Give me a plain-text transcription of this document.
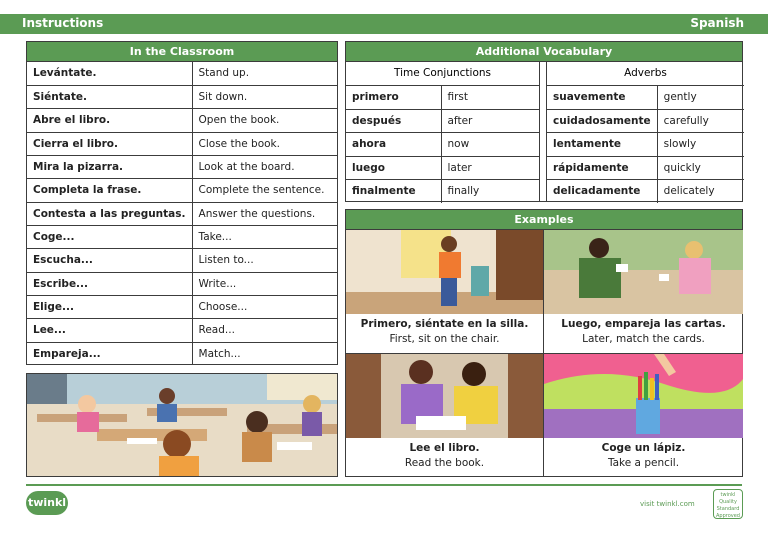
Instructions	Spanish
In the Classroom
Levántate.	Stand up.
Siéntate.	Sit down.
Abre el libro.	Open the book.
Cierra el libro.	Close the book.
Mira la pizarra.	Look at the board.
Completa la frase.	Complete the sentence.
Contesta a las preguntas.	Answer the questions.
Coge...	Take...
Escucha...	Listen to...
Escribe...	Write...
Elige...	Choose...
Lee...	Read...
Empareja...	Match...
Additional Vocabulary
Time Conjunctions
primero	first
después	after
ahora	now
luego	later
finalmente	finally
Adverbs
suavemente	gently
cuidadosamente	carefully
lentamente	slowly
rápidamente	quickly
delicadamente	delicately
Examples
Primero, siéntate en la silla.
First, sit on the chair.
Luego, empareja las cartas.
Later, match the cards.
Lee el libro.
Read the book.
Coge un lápiz.
Take a pencil.
twinkl	visit twinkl.com
twinkl Quality Standard Approved
